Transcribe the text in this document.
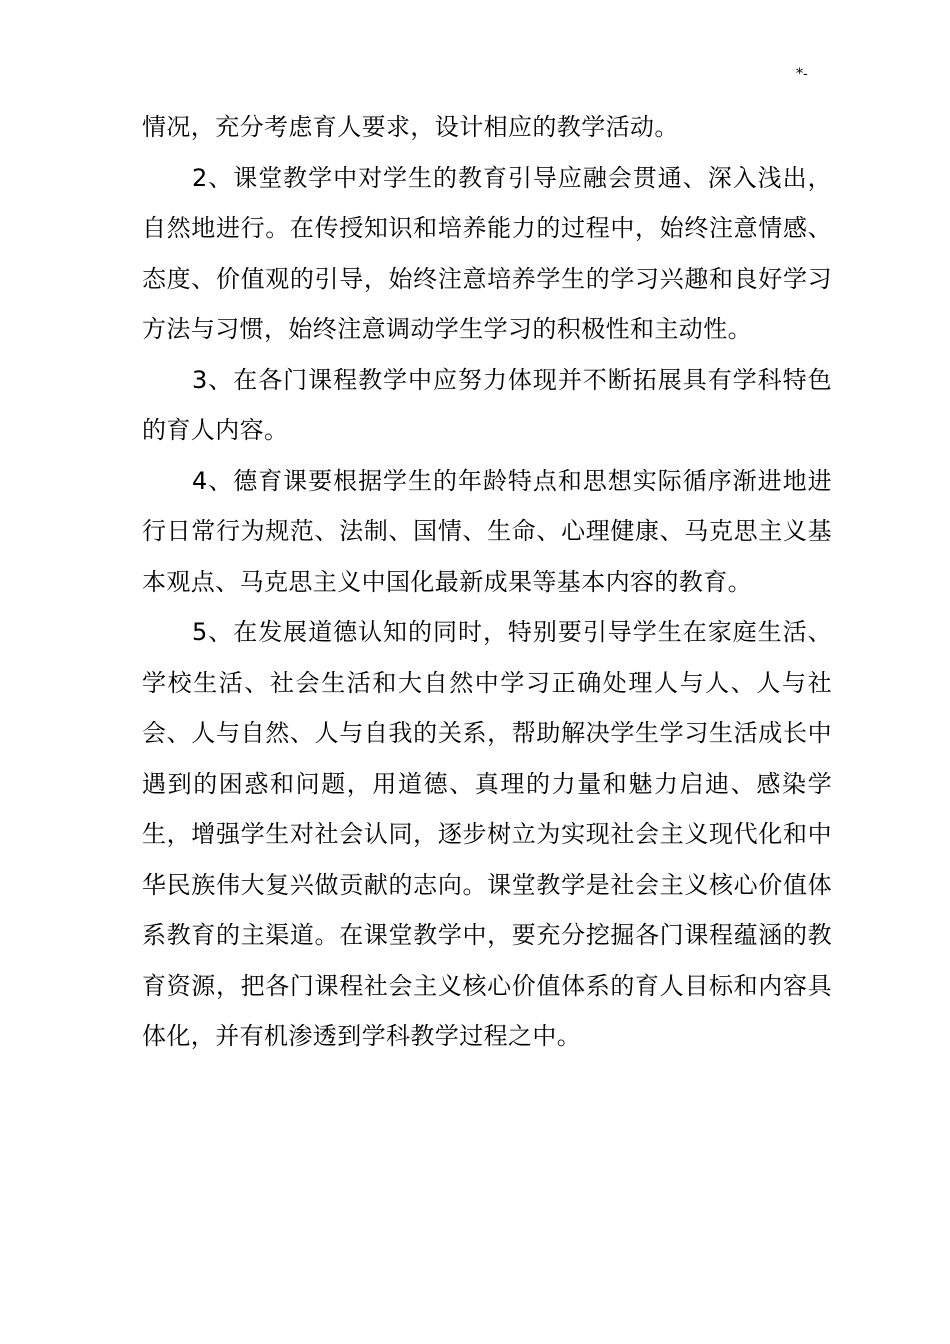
*-

情况，充分考虑育人要求，设计相应的教学活动。

2、课堂教学中对学生的教育引导应融会贯通、深入浅出，自然地进行。在传授知识和培养能力的过程中，始终注意情感、态度、价值观的引导，始终注意培养学生的学习兴趣和良好学习方法与习惯，始终注意调动学生学习的积极性和主动性。

3、在各门课程教学中应努力体现并不断拓展具有学科特色的育人内容。

4、德育课要根据学生的年龄特点和思想实际循序渐进地进行日常行为规范、法制、国情、生命、心理健康、马克思主义基本观点、马克思主义中国化最新成果等基本内容的教育。

5、在发展道德认知的同时，特别要引导学生在家庭生活、学校生活、社会生活和大自然中学习正确处理人与人、人与社会、人与自然、人与自我的关系，帮助解决学生学习生活成长中遇到的困惑和问题，用道德、真理的力量和魅力启迪、感染学生，增强学生对社会认同，逐步树立为实现社会主义现代化和中华民族伟大复兴做贡献的志向。课堂教学是社会主义核心价值体系教育的主渠道。在课堂教学中，要充分挖掘各门课程蕴涵的教育资源，把各门课程社会主义核心价值体系的育人目标和内容具体化，并有机渗透到学科教学过程之中。
